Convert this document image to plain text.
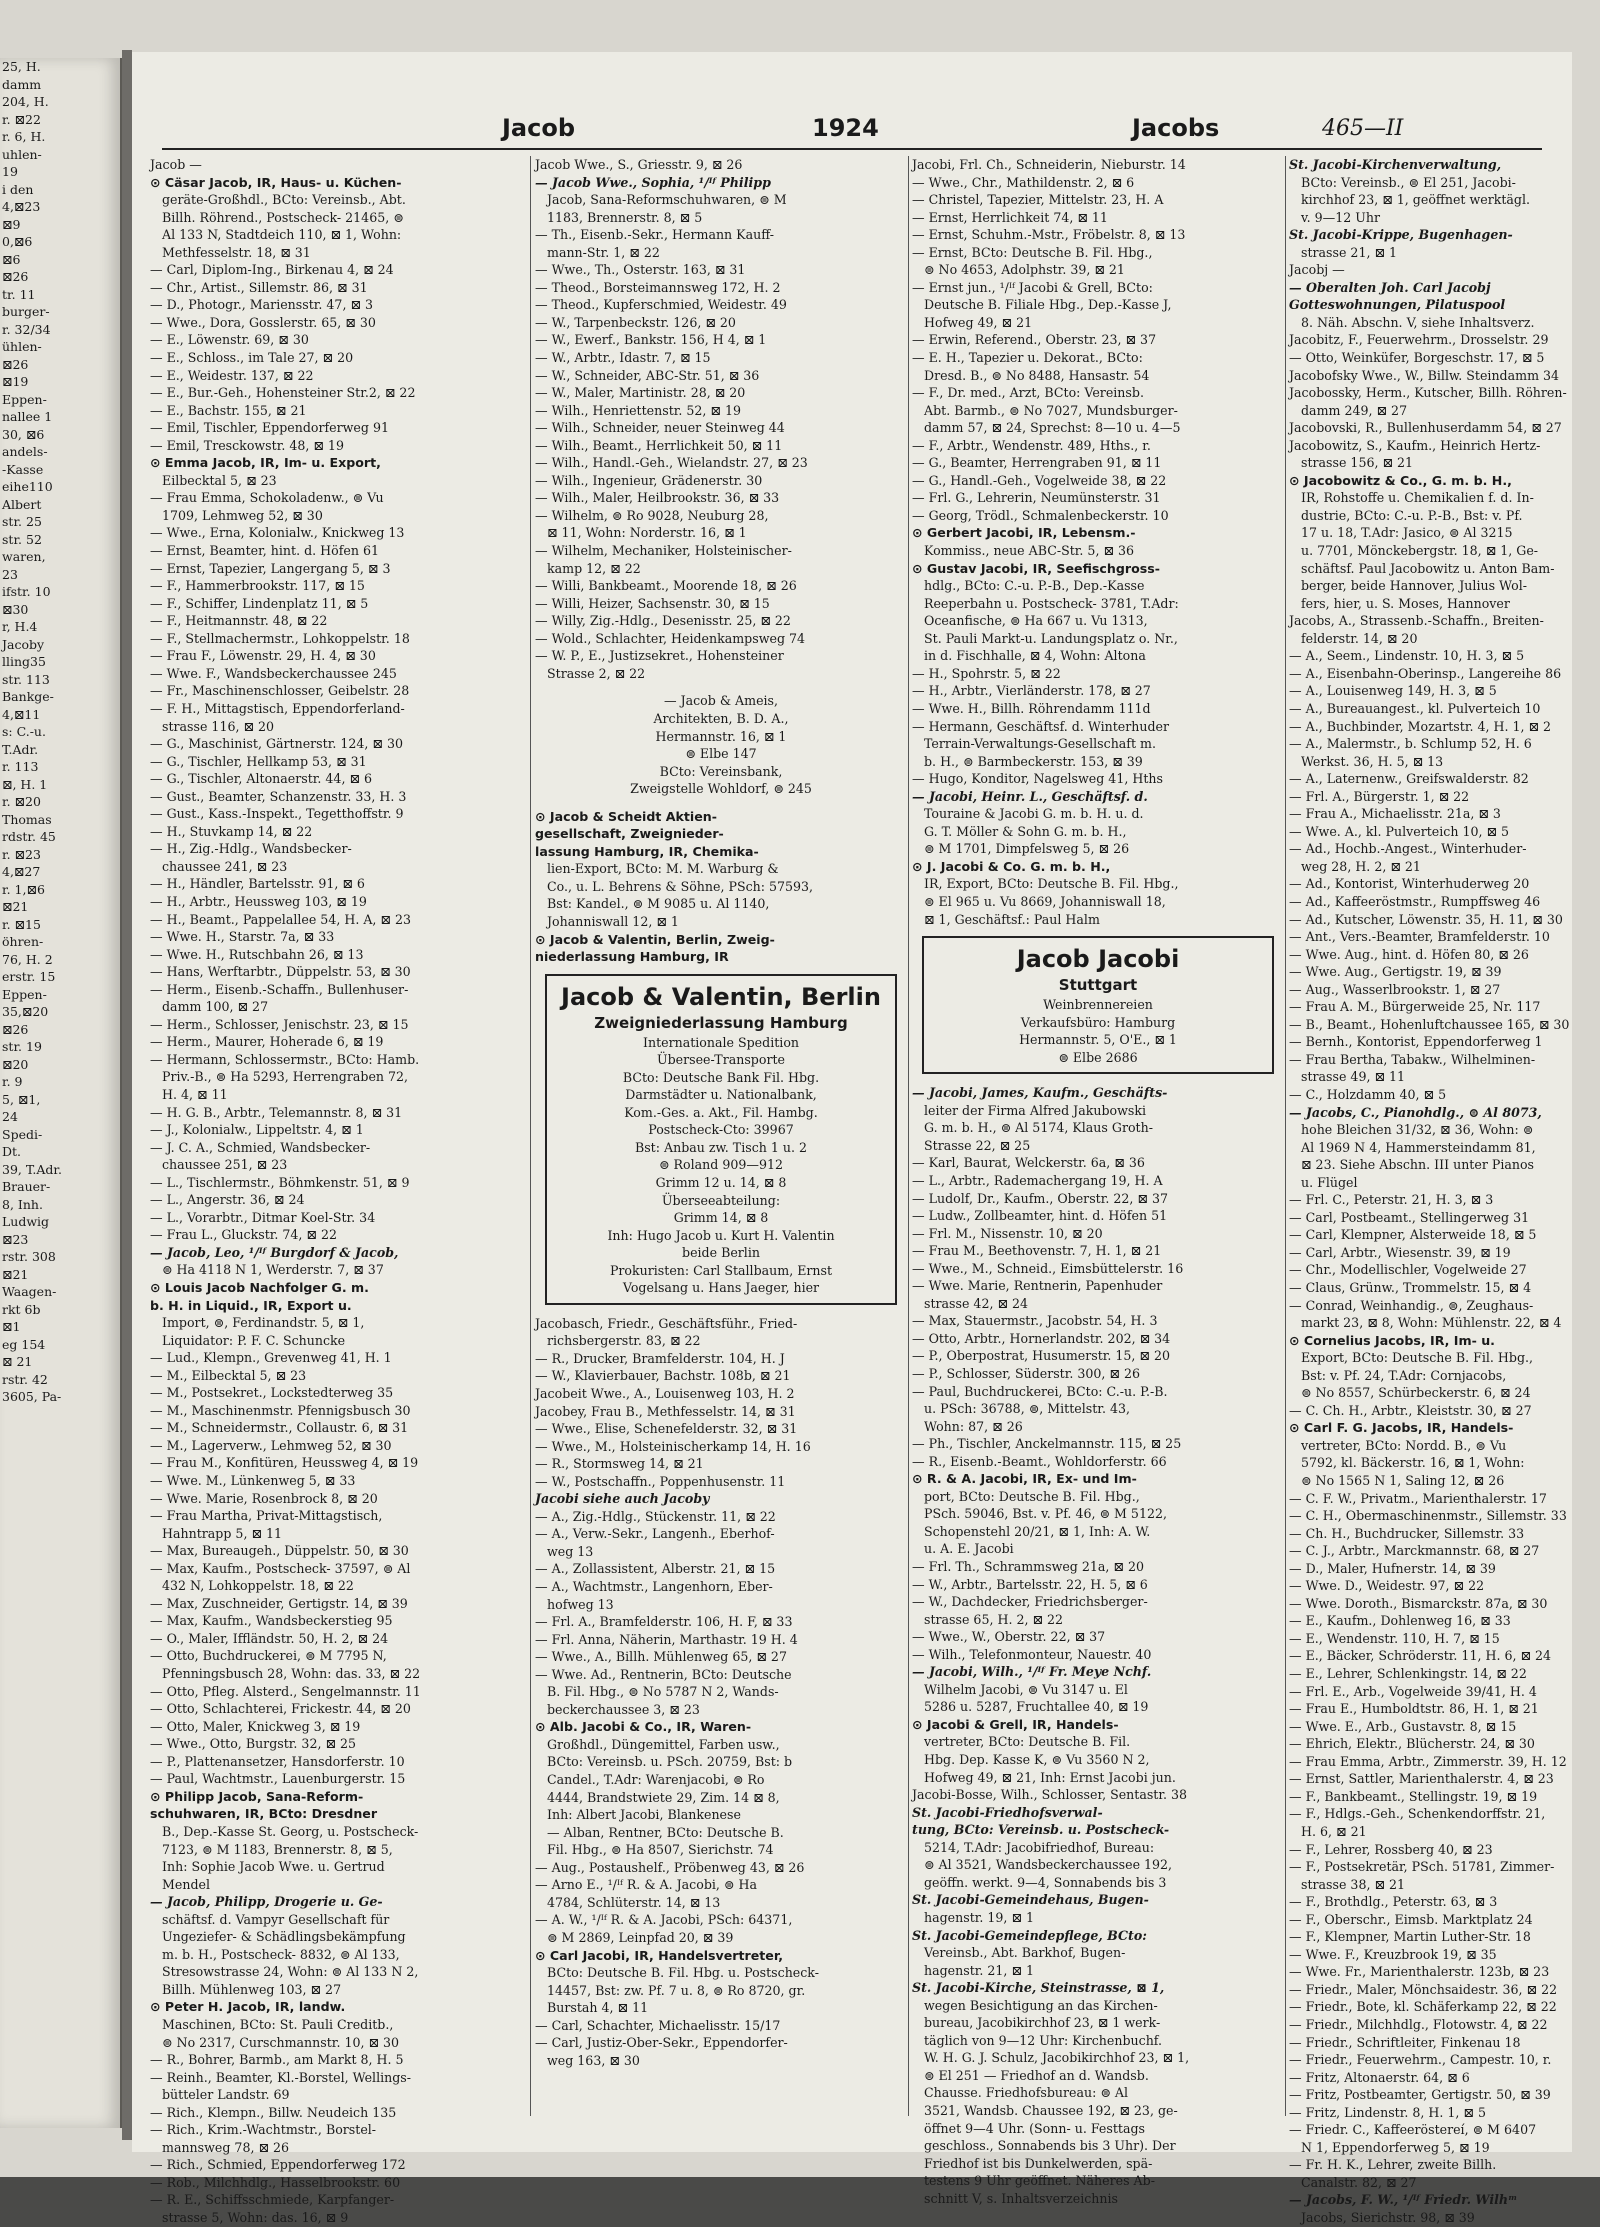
25, H.
damm
204, H.
r. ⊠22
r. 6, H.
uhlen-
19
i den
4,⊠23
⊠9
0,⊠6
⊠6
⊠26
tr. 11
burger-
r. 32/34
ühlen-
⊠26
⊠19
Eppen-
nallee 1
30, ⊠6
andels-
-Kasse
eihe110
Albert
str. 25
str. 52
waren,
23
ifstr. 10
⊠30
r, H.4
Jacoby
lling35
str. 113
Bankge-
4,⊠11
s: C.-u.
T.Adr.
r. 113
⊠, H. 1
r. ⊠20
Thomas
rdstr. 45
r. ⊠23
4,⊠27
r. 1,⊠6
⊠21
r. ⊠15
öhren-
76, H. 2
erstr. 15
Eppen-
35,⊠20
⊠26
str. 19
⊠20
r. 9
5, ⊠1,
24
Spedi-
Dt.
39, T.Adr.
Brauer-
8, Inh.
Ludwig
⊠23
rstr. 308
⊠21
Waagen-
rkt 6b
⊠1
eg 154
⊠ 21
rstr. 42
3605, Pa-
Jacob	1924	Jacobs	465—II
Jacob —
⊙ Cäsar Jacob, IR, Haus- u. Küchen-
geräte-Großhdl., BCto: Vereinsb., Abt.
Billh. Röhrend., Postscheck- 21465, ⊜
Al 133 N, Stadtdeich 110, ⊠ 1, Wohn:
Methfesselstr. 18, ⊠ 31
— Carl, Diplom-Ing., Birkenau 4, ⊠ 24
— Chr., Artist., Sillemstr. 86, ⊠ 31
— D., Photogr., Mariensstr. 47, ⊠ 3
— Wwe., Dora, Gosslerstr. 65, ⊠ 30
— E., Löwenstr. 69, ⊠ 30
— E., Schloss., im Tale 27, ⊠ 20
— E., Weidestr. 137, ⊠ 22
— E., Bur.-Geh., Hohensteiner Str.2, ⊠ 22
— E., Bachstr. 155, ⊠ 21
— Emil, Tischler, Eppendorferweg 91
— Emil, Tresckowstr. 48, ⊠ 19
⊙ Emma Jacob, IR, Im- u. Export,
Eilbecktal 5, ⊠ 23
— Frau Emma, Schokoladenw., ⊜ Vu
1709, Lehmweg 52, ⊠ 30
— Wwe., Erna, Kolonialw., Knickweg 13
— Ernst, Beamter, hint. d. Höfen 61
— Ernst, Tapezier, Langergang 5, ⊠ 3
— F., Hammerbrookstr. 117, ⊠ 15
— F., Schiffer, Lindenplatz 11, ⊠ 5
— F., Heitmannstr. 48, ⊠ 22
— F., Stellmachermstr., Lohkoppelstr. 18
— Frau F., Löwenstr. 29, H. 4, ⊠ 30
— Wwe. F., Wandsbeckerchaussee 245
— Fr., Maschinenschlosser, Geibelstr. 28
— F. H., Mittagstisch, Eppendorferland-
strasse 116, ⊠ 20
— G., Maschinist, Gärtnerstr. 124, ⊠ 30
— G., Tischler, Hellkamp 53, ⊠ 31
— G., Tischler, Altonaerstr. 44, ⊠ 6
— Gust., Beamter, Schanzenstr. 33, H. 3
— Gust., Kass.-Inspekt., Tegetthoffstr. 9
— H., Stuvkamp 14, ⊠ 22
— H., Zig.-Hdlg., Wandsbecker-
chaussee 241, ⊠ 23
— H., Händler, Bartelsstr. 91, ⊠ 6
— H., Arbtr., Heussweg 103, ⊠ 19
— H., Beamt., Pappelallee 54, H. A, ⊠ 23
— Wwe. H., Starstr. 7a, ⊠ 33
— Wwe. H., Rutschbahn 26, ⊠ 13
— Hans, Werftarbtr., Düppelstr. 53, ⊠ 30
— Herm., Eisenb.-Schaffn., Bullenhuser-
damm 100, ⊠ 27
— Herm., Schlosser, Jenischstr. 23, ⊠ 15
— Herm., Maurer, Hoherade 6, ⊠ 19
— Hermann, Schlossermstr., BCto: Hamb.
Priv.-B., ⊜ Ha 5293, Herrengraben 72,
H. 4, ⊠ 11
— H. G. B., Arbtr., Telemannstr. 8, ⊠ 31
— J., Kolonialw., Lippeltstr. 4, ⊠ 1
— J. C. A., Schmied, Wandsbecker-
chaussee 251, ⊠ 23
— L., Tischlermstr., Böhmkenstr. 51, ⊠ 9
— L., Angerstr. 36, ⊠ 24
— L., Vorarbtr., Ditmar Koel-Str. 34
— Frau L., Gluckstr. 74, ⊠ 22
— Jacob, Leo, ¹/ᴵᶠ Burgdorf & Jacob,
⊜ Ha 4118 N 1, Werderstr. 7, ⊠ 37
⊙ Louis Jacob Nachfolger G. m.
b. H. in Liquid., IR, Export u.
Import, ⊜, Ferdinandstr. 5, ⊠ 1,
Liquidator: P. F. C. Schuncke
— Lud., Klempn., Grevenweg 41, H. 1
— M., Eilbecktal 5, ⊠ 23
— M., Postsekret., Lockstedterweg 35
— M., Maschinenmstr. Pfennigsbusch 30
— M., Schneidermstr., Collaustr. 6, ⊠ 31
— M., Lagerverw., Lehmweg 52, ⊠ 30
— Frau M., Konfitüren, Heussweg 4, ⊠ 19
— Wwe. M., Lünkenweg 5, ⊠ 33
— Wwe. Marie, Rosenbrock 8, ⊠ 20
— Frau Martha, Privat-Mittagstisch,
Hahntrapp 5, ⊠ 11
— Max, Bureaugeh., Düppelstr. 50, ⊠ 30
— Max, Kaufm., Postscheck- 37597, ⊜ Al
432 N, Lohkoppelstr. 18, ⊠ 22
— Max, Zuschneider, Gertigstr. 14, ⊠ 39
— Max, Kaufm., Wandsbeckerstieg 95
— O., Maler, Iffländstr. 50, H. 2, ⊠ 24
— Otto, Buchdruckerei, ⊜ M 7795 N,
Pfenningsbusch 28, Wohn: das. 33, ⊠ 22
— Otto, Pfleg. Alsterd., Sengelmannstr. 11
— Otto, Schlachterei, Frickestr. 44, ⊠ 20
— Otto, Maler, Knickweg 3, ⊠ 19
— Wwe., Otto, Burgstr. 32, ⊠ 25
— P., Plattenansetzer, Hansdorferstr. 10
— Paul, Wachtmstr., Lauenburgerstr. 15
⊙ Philipp Jacob, Sana-Reform-
schuhwaren, IR, BCto: Dresdner
B., Dep.-Kasse St. Georg, u. Postscheck-
7123, ⊜ M 1183, Brennerstr. 8, ⊠ 5,
Inh: Sophie Jacob Wwe. u. Gertrud
Mendel
— Jacob, Philipp, Drogerie u. Ge-
schäftsf. d. Vampyr Gesellschaft für
Ungeziefer- & Schädlingsbekämpfung
m. b. H., Postscheck- 8832, ⊜ Al 133,
Stresowstrasse 24, Wohn: ⊜ Al 133 N 2,
Billh. Mühlenweg 103, ⊠ 27
⊙ Peter H. Jacob, IR, landw.
Maschinen, BCto: St. Pauli Creditb.,
⊜ No 2317, Curschmannstr. 10, ⊠ 30
— R., Bohrer, Barmb., am Markt 8, H. 5
— Reinh., Beamter, Kl.-Borstel, Wellings-
bütteler Landstr. 69
— Rich., Klempn., Billw. Neudeich 135
— Rich., Krim.-Wachtmstr., Borstel-
mannsweg 78, ⊠ 26
— Rich., Schmied, Eppendorferweg 172
— Rob., Milchhdlg., Hasselbrookstr. 60
— R. E., Schiffsschmiede, Karpfanger-
strasse 5, Wohn: das. 16, ⊠ 9
Jacob Wwe., S., Griesstr. 9, ⊠ 26
— Jacob Wwe., Sophia, ¹/ᴵᶠ Philipp
Jacob, Sana-Reformschuhwaren, ⊜ M
1183, Brennerstr. 8, ⊠ 5
— Th., Eisenb.-Sekr., Hermann Kauff-
mann-Str. 1, ⊠ 22
— Wwe., Th., Osterstr. 163, ⊠ 31
— Theod., Borsteimannsweg 172, H. 2
— Theod., Kupferschmied, Weidestr. 49
— W., Tarpenbeckstr. 126, ⊠ 20
— W., Ewerf., Bankstr. 156, H 4, ⊠ 1
— W., Arbtr., Idastr. 7, ⊠ 15
— W., Schneider, ABC-Str. 51, ⊠ 36
— W., Maler, Martinistr. 28, ⊠ 20
— Wilh., Henriettenstr. 52, ⊠ 19
— Wilh., Schneider, neuer Steinweg 44
— Wilh., Beamt., Herrlichkeit 50, ⊠ 11
— Wilh., Handl.-Geh., Wielandstr. 27, ⊠ 23
— Wilh., Ingenieur, Grädenerstr. 30
— Wilh., Maler, Heilbrookstr. 36, ⊠ 33
— Wilhelm, ⊜ Ro 9028, Neuburg 28,
⊠ 11, Wohn: Norderstr. 16, ⊠ 1
— Wilhelm, Mechaniker, Holsteinischer-
kamp 12, ⊠ 22
— Willi, Bankbeamt., Moorende 18, ⊠ 26
— Willi, Heizer, Sachsenstr. 30, ⊠ 15
— Willy, Zig.-Hdlg., Desenisstr. 25, ⊠ 22
— Wold., Schlachter, Heidenkampsweg 74
— W. P., E., Justizsekret., Hohensteiner
Strasse 2, ⊠ 22
— Jacob & Ameis,
Architekten, B. D. A.,
Hermannstr. 16, ⊠ 1
⊜ Elbe 147
BCto: Vereinsbank,
Zweigstelle Wohldorf, ⊜ 245
⊙ Jacob & Scheidt Aktien-
gesellschaft, Zweignieder-
lassung Hamburg, IR, Chemika-
lien-Export, BCto: M. M. Warburg &
Co., u. L. Behrens & Söhne, PSch: 57593,
Bst: Kandel., ⊜ M 9085 u. Al 1140,
Johanniswall 12, ⊠ 1
⊙ Jacob & Valentin, Berlin, Zweig-
niederlassung Hamburg, IR
Jacob & Valentin, Berlin
Zweigniederlassung Hamburg
Internationale Spedition
Übersee-Transporte
BCto: Deutsche Bank Fil. Hbg.
Darmstädter u. Nationalbank,
Kom.-Ges. a. Akt., Fil. Hambg.
Postscheck-Cto: 39967
Bst: Anbau zw. Tisch 1 u. 2
⊜ Roland 909—912
Grimm 12 u. 14, ⊠ 8
Überseeabteilung:
Grimm 14, ⊠ 8
Inh: Hugo Jacob u. Kurt H. Valentin
beide Berlin
Prokuristen: Carl Stallbaum, Ernst
Vogelsang u. Hans Jaeger, hier
Jacobasch, Friedr., Geschäftsführ., Fried-
richsbergerstr. 83, ⊠ 22
— R., Drucker, Bramfelderstr. 104, H. J
— W., Klavierbauer, Bachstr. 108b, ⊠ 21
Jacobeit Wwe., A., Louisenweg 103, H. 2
Jacobey, Frau B., Methfesselstr. 14, ⊠ 31
— Wwe., Elise, Schenefelderstr. 32, ⊠ 31
— Wwe., M., Holsteinischerkamp 14, H. 16
— R., Stormsweg 14, ⊠ 21
— W., Postschaffn., Poppenhusenstr. 11
Jacobi siehe auch Jacoby
— A., Zig.-Hdlg., Stückenstr. 11, ⊠ 22
— A., Verw.-Sekr., Langenh., Eberhof-
weg 13
— A., Zollassistent, Alberstr. 21, ⊠ 15
— A., Wachtmstr., Langenhorn, Eber-
hofweg 13
— Frl. A., Bramfelderstr. 106, H. F, ⊠ 33
— Frl. Anna, Näherin, Marthastr. 19 H. 4
— Wwe., A., Billh. Mühlenweg 65, ⊠ 27
— Wwe. Ad., Rentnerin, BCto: Deutsche
B. Fil. Hbg., ⊜ No 5787 N 2, Wands-
beckerchaussee 3, ⊠ 23
⊙ Alb. Jacobi & Co., IR, Waren-
Großhdl., Düngemittel, Farben usw.,
BCto: Vereinsb. u. PSch. 20759, Bst: b
Candel., T.Adr: Warenjacobi, ⊜ Ro
4444, Brandstwiete 29, Zim. 14 ⊠ 8,
Inh: Albert Jacobi, Blankenese
— Alban, Rentner, BCto: Deutsche B.
Fil. Hbg., ⊜ Ha 8507, Sierichstr. 74
— Aug., Postaushelf., Pröbenweg 43, ⊠ 26
— Arno E., ¹/ᴵᶠ R. & A. Jacobi, ⊜ Ha
4784, Schlüterstr. 14, ⊠ 13
— A. W., ¹/ᴵᶠ R. & A. Jacobi, PSch: 64371,
⊜ M 2869, Leinpfad 20, ⊠ 39
⊙ Carl Jacobi, IR, Handelsvertreter,
BCto: Deutsche B. Fil. Hbg. u. Postscheck-
14457, Bst: zw. Pf. 7 u. 8, ⊜ Ro 8720, gr.
Burstah 4, ⊠ 11
— Carl, Schachter, Michaelisstr. 15/17
— Carl, Justiz-Ober-Sekr., Eppendorfer-
weg 163, ⊠ 30
Jacobi, Frl. Ch., Schneiderin, Nieburstr. 14
— Wwe., Chr., Mathildenstr. 2, ⊠ 6
— Christel, Tapezier, Mittelstr. 23, H. A
— Ernst, Herrlichkeit 74, ⊠ 11
— Ernst, Schuhm.-Mstr., Fröbelstr. 8, ⊠ 13
— Ernst, BCto: Deutsche B. Fil. Hbg.,
⊜ No 4653, Adolphstr. 39, ⊠ 21
— Ernst jun., ¹/ᴵᶠ Jacobi & Grell, BCto:
Deutsche B. Filiale Hbg., Dep.-Kasse J,
Hofweg 49, ⊠ 21
— Erwin, Referend., Oberstr. 23, ⊠ 37
— E. H., Tapezier u. Dekorat., BCto:
Dresd. B., ⊜ No 8488, Hansastr. 54
— F., Dr. med., Arzt, BCto: Vereinsb.
Abt. Barmb., ⊜ No 7027, Mundsburger-
damm 57, ⊠ 24, Sprechst: 8—10 u. 4—5
— F., Arbtr., Wendenstr. 489, Hths., r.
— G., Beamter, Herrengraben 91, ⊠ 11
— G., Handl.-Geh., Vogelweide 38, ⊠ 22
— Frl. G., Lehrerin, Neumünsterstr. 31
— Georg, Trödl., Schmalenbeckerstr. 10
⊙ Gerbert Jacobi, IR, Lebensm.-
Kommiss., neue ABC-Str. 5, ⊠ 36
⊙ Gustav Jacobi, IR, Seefischgross-
hdlg., BCto: C.-u. P.-B., Dep.-Kasse
Reeperbahn u. Postscheck- 3781, T.Adr:
Oceanfische, ⊜ Ha 667 u. Vu 1313,
St. Pauli Markt-u. Landungsplatz o. Nr.,
in d. Fischhalle, ⊠ 4, Wohn: Altona
— H., Spohrstr. 5, ⊠ 22
— H., Arbtr., Vierländerstr. 178, ⊠ 27
— Wwe. H., Billh. Röhrendamm 111d
— Hermann, Geschäftsf. d. Winterhuder
Terrain-Verwaltungs-Gesellschaft m.
b. H., ⊜ Barmbeckerstr. 153, ⊠ 39
— Hugo, Konditor, Nagelsweg 41, Hths
— Jacobi, Heinr. L., Geschäftsf. d.
Touraine & Jacobi G. m. b. H. u. d.
G. T. Möller & Sohn G. m. b. H.,
⊜ M 1701, Dimpfelsweg 5, ⊠ 26
⊙ J. Jacobi & Co. G. m. b. H.,
IR, Export, BCto: Deutsche B. Fil. Hbg.,
⊜ El 965 u. Vu 8669, Johanniswall 18,
⊠ 1, Geschäftsf.: Paul Halm
Jacob Jacobi
Stuttgart
Weinbrennereien
Verkaufsbüro: Hamburg
Hermannstr. 5, O'E., ⊠ 1
⊜ Elbe 2686
— Jacobi, James, Kaufm., Geschäfts-
leiter der Firma Alfred Jakubowski
G. m. b. H., ⊜ Al 5174, Klaus Groth-
Strasse 22, ⊠ 25
— Karl, Baurat, Welckerstr. 6a, ⊠ 36
— L., Arbtr., Rademachergang 19, H. A
— Ludolf, Dr., Kaufm., Oberstr. 22, ⊠ 37
— Ludw., Zollbeamter, hint. d. Höfen 51
— Frl. M., Nissenstr. 10, ⊠ 20
— Frau M., Beethovenstr. 7, H. 1, ⊠ 21
— Wwe., M., Schneid., Eimsbüttelerstr. 16
— Wwe. Marie, Rentnerin, Papenhuder
strasse 42, ⊠ 24
— Max, Stauermstr., Jacobstr. 54, H. 3
— Otto, Arbtr., Hornerlandstr. 202, ⊠ 34
— P., Oberpostrat, Husumerstr. 15, ⊠ 20
— P., Schlosser, Süderstr. 300, ⊠ 26
— Paul, Buchdruckerei, BCto: C.-u. P.-B.
u. PSch: 36788, ⊜, Mittelstr. 43,
Wohn: 87, ⊠ 26
— Ph., Tischler, Anckelmannstr. 115, ⊠ 25
— R., Eisenb.-Beamt., Wohldorferstr. 66
⊙ R. & A. Jacobi, IR, Ex- und Im-
port, BCto: Deutsche B. Fil. Hbg.,
PSch. 59046, Bst. v. Pf. 46, ⊜ M 5122,
Schopenstehl 20/21, ⊠ 1, Inh: A. W.
u. A. E. Jacobi
— Frl. Th., Schrammsweg 21a, ⊠ 20
— W., Arbtr., Bartelsstr. 22, H. 5, ⊠ 6
— W., Dachdecker, Friedrichsberger-
strasse 65, H. 2, ⊠ 22
— Wwe., W., Oberstr. 22, ⊠ 37
— Wilh., Telefonmonteur, Nauestr. 40
— Jacobi, Wilh., ¹/ᴵᶠ Fr. Meye Nchf.
Wilhelm Jacobi, ⊜ Vu 3147 u. El
5286 u. 5287, Fruchtallee 40, ⊠ 19
⊙ Jacobi & Grell, IR, Handels-
vertreter, BCto: Deutsche B. Fil.
Hbg. Dep. Kasse K, ⊜ Vu 3560 N 2,
Hofweg 49, ⊠ 21, Inh: Ernst Jacobi jun.
Jacobi-Bosse, Wilh., Schlosser, Sentastr. 38
St. Jacobi-Friedhofsverwal-
tung, BCto: Vereinsb. u. Postscheck-
5214, T.Adr: Jacobifriedhof, Bureau:
⊜ Al 3521, Wandsbeckerchaussee 192,
geöffn. werkt. 9—4, Sonnabends bis 3
St. Jacobi-Gemeindehaus, Bugen-
hagenstr. 19, ⊠ 1
St. Jacobi-Gemeindepflege, BCto:
Vereinsb., Abt. Barkhof, Bugen-
hagenstr. 21, ⊠ 1
St. Jacobi-Kirche, Steinstrasse, ⊠ 1,
wegen Besichtigung an das Kirchen-
bureau, Jacobikirchhof 23, ⊠ 1 werk-
täglich von 9—12 Uhr: Kirchenbuchf.
W. H. G. J. Schulz, Jacobikirchhof 23, ⊠ 1,
⊜ El 251 — Friedhof an d. Wandsb.
Chausse. Friedhofsbureau: ⊜ Al
3521, Wandsb. Chaussee 192, ⊠ 23, ge-
öffnet 9—4 Uhr. (Sonn- u. Festtags
geschloss., Sonnabends bis 3 Uhr). Der
Friedhof ist bis Dunkelwerden, spä-
testens 9 Uhr geöffnet. Näheres Ab-
schnitt V, s. Inhaltsverzeichnis
St. Jacobi-Kirchenverwaltung,
BCto: Vereinsb., ⊜ El 251, Jacobi-
kirchhof 23, ⊠ 1, geöffnet werktägl.
v. 9—12 Uhr
St. Jacobi-Krippe, Bugenhagen-
strasse 21, ⊠ 1
Jacobj —
— Oberalten Joh. Carl Jacobj
Gotteswohnungen, Pilatuspool
8. Näh. Abschn. V, siehe Inhaltsverz.
Jacobitz, F., Feuerwehrm., Drosselstr. 29
— Otto, Weinküfer, Borgeschstr. 17, ⊠ 5
Jacobofsky Wwe., W., Billw. Steindamm 34
Jacobossky, Herm., Kutscher, Billh. Röhren-
damm 249, ⊠ 27
Jacobovski, R., Bullenhuserdamm 54, ⊠ 27
Jacobowitz, S., Kaufm., Heinrich Hertz-
strasse 156, ⊠ 21
⊙ Jacobowitz & Co., G. m. b. H.,
IR, Rohstoffe u. Chemikalien f. d. In-
dustrie, BCto: C.-u. P.-B., Bst: v. Pf.
17 u. 18, T.Adr: Jasico, ⊜ Al 3215
u. 7701, Mönckebergstr. 18, ⊠ 1, Ge-
schäftsf. Paul Jacobowitz u. Anton Bam-
berger, beide Hannover, Julius Wol-
fers, hier, u. S. Moses, Hannover
Jacobs, A., Strassenb.-Schaffn., Breiten-
felderstr. 14, ⊠ 20
— A., Seem., Lindenstr. 10, H. 3, ⊠ 5
— A., Eisenbahn-Oberinsp., Langereihe 86
— A., Louisenweg 149, H. 3, ⊠ 5
— A., Bureauangest., kl. Pulverteich 10
— A., Buchbinder, Mozartstr. 4, H. 1, ⊠ 2
— A., Malermstr., b. Schlump 52, H. 6
Werkst. 36, H. 5, ⊠ 13
— A., Laternenw., Greifswalderstr. 82
— Frl. A., Bürgerstr. 1, ⊠ 22
— Frau A., Michaelisstr. 21a, ⊠ 3
— Wwe. A., kl. Pulverteich 10, ⊠ 5
— Ad., Hochb.-Angest., Winterhuder-
weg 28, H. 2, ⊠ 21
— Ad., Kontorist, Winterhuderweg 20
— Ad., Kaffeeröstmstr., Rumpffsweg 46
— Ad., Kutscher, Löwenstr. 35, H. 11, ⊠ 30
— Ant., Vers.-Beamter, Bramfelderstr. 10
— Wwe. Aug., hint. d. Höfen 80, ⊠ 26
— Wwe. Aug., Gertigstr. 19, ⊠ 39
— Aug., Wasserlbrookstr. 1, ⊠ 27
— Frau A. M., Bürgerweide 25, Nr. 117
— B., Beamt., Hohenluftchaussee 165, ⊠ 30
— Bernh., Kontorist, Eppendorferweg 1
— Frau Bertha, Tabakw., Wilhelminen-
strasse 49, ⊠ 11
— C., Holzdamm 40, ⊠ 5
— Jacobs, C., Pianohdlg., ⊜ Al 8073,
hohe Bleichen 31/32, ⊠ 36, Wohn: ⊜
Al 1969 N 4, Hammersteindamm 81,
⊠ 23. Siehe Abschn. III unter Pianos
u. Flügel
— Frl. C., Peterstr. 21, H. 3, ⊠ 3
— Carl, Postbeamt., Stellingerweg 31
— Carl, Klempner, Alsterweide 18, ⊠ 5
— Carl, Arbtr., Wiesenstr. 39, ⊠ 19
— Chr., Modellischler, Vogelweide 27
— Claus, Grünw., Trommelstr. 15, ⊠ 4
— Conrad, Weinhandig., ⊜, Zeughaus-
markt 23, ⊠ 8, Wohn: Mühlenstr. 22, ⊠ 4
⊙ Cornelius Jacobs, IR, Im- u.
Export, BCto: Deutsche B. Fil. Hbg.,
Bst: v. Pf. 24, T.Adr: Cornjacobs,
⊜ No 8557, Schürbeckerstr. 6, ⊠ 24
— C. Ch. H., Arbtr., Kleiststr. 30, ⊠ 27
⊙ Carl F. G. Jacobs, IR, Handels-
vertreter, BCto: Nordd. B., ⊜ Vu
5792, kl. Bäckerstr. 16, ⊠ 1, Wohn:
⊜ No 1565 N 1, Saling 12, ⊠ 26
— C. F. W., Privatm., Marienthalerstr. 17
— C. H., Obermaschinenmstr., Sillemstr. 33
— Ch. H., Buchdrucker, Sillemstr. 33
— C. J., Arbtr., Marckmannstr. 68, ⊠ 27
— D., Maler, Hufnerstr. 14, ⊠ 39
— Wwe. D., Weidestr. 97, ⊠ 22
— Wwe. Doroth., Bismarckstr. 87a, ⊠ 30
— E., Kaufm., Dohlenweg 16, ⊠ 33
— E., Wendenstr. 110, H. 7, ⊠ 15
— E., Bäcker, Schröderstr. 11, H. 6, ⊠ 24
— E., Lehrer, Schlenkingstr. 14, ⊠ 22
— Frl. E., Arb., Vogelweide 39/41, H. 4
— Frau E., Humboldtstr. 86, H. 1, ⊠ 21
— Wwe. E., Arb., Gustavstr. 8, ⊠ 15
— Ehrich, Elektr., Blücherstr. 24, ⊠ 30
— Frau Emma, Arbtr., Zimmerstr. 39, H. 12
— Ernst, Sattler, Marienthalerstr. 4, ⊠ 23
— F., Bankbeamt., Stellingstr. 19, ⊠ 19
— F., Hdlgs.-Geh., Schenkendorffstr. 21,
H. 6, ⊠ 21
— F., Lehrer, Rossberg 40, ⊠ 23
— F., Postsekretär, PSch. 51781, Zimmer-
strasse 38, ⊠ 21
— F., Brothdlg., Peterstr. 63, ⊠ 3
— F., Oberschr., Eimsb. Marktplatz 24
— F., Klempner, Martin Luther-Str. 18
— Wwe. F., Kreuzbrook 19, ⊠ 35
— Wwe. Fr., Marienthalerstr. 123b, ⊠ 23
— Friedr., Maler, Mönchsaidestr. 36, ⊠ 22
— Friedr., Bote, kl. Schäferkamp 22, ⊠ 22
— Friedr., Milchhdlg., Flotowstr. 4, ⊠ 22
— Friedr., Schriftleiter, Finkenau 18
— Friedr., Feuerwehrm., Campestr. 10, r.
— Fritz, Altonaerstr. 64, ⊠ 6
— Fritz, Postbeamter, Gertigstr. 50, ⊠ 39
— Fritz, Lindenstr. 8, H. 1, ⊠ 5
— Friedr. C., Kaffeeröstereí, ⊜ M 6407
N 1, Eppendorferweg 5, ⊠ 19
— Fr. H. K., Lehrer, zweite Billh.
Canalstr. 82, ⊠ 27
— Jacobs, F. W., ¹/ᴵᶠ Friedr. Wilhᵐ
Jacobs, Sierichstr. 98, ⊠ 39
